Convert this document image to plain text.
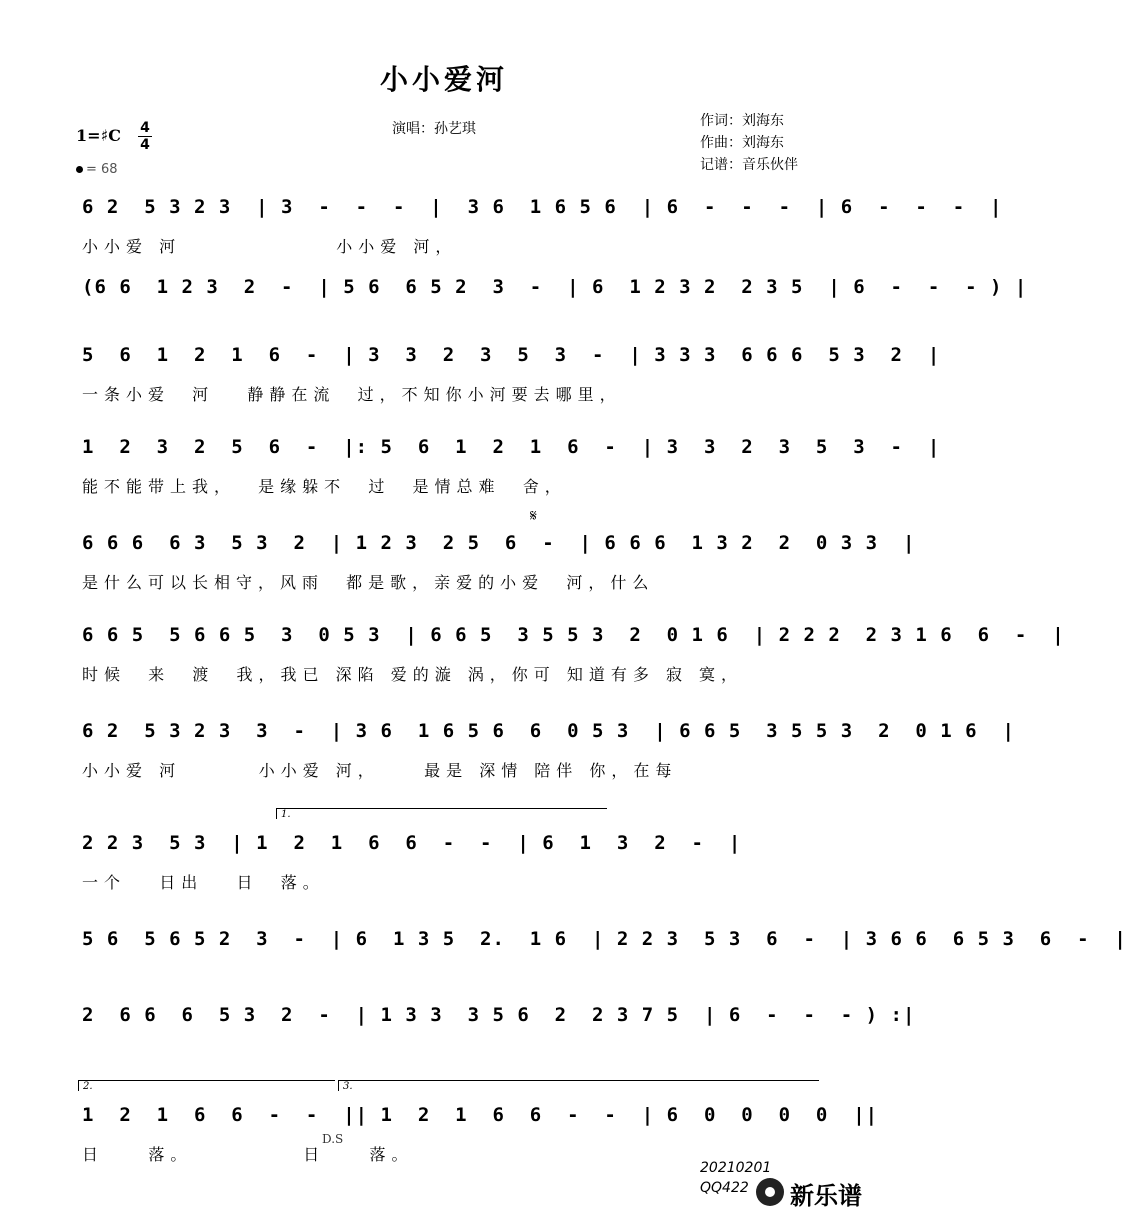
小小爱河
演唱：孙艺琪	作词：刘海东
作曲：刘海东
记谱：音乐伙伴
1=♯C 4
4
= 68
6 2  5 3 2 3  | 3  -  -  -  |  3 6  1 6 5 6  | 6  -  -  -  | 6  -  -  -  |
小小爱 河              小小爱 河，
(6 6  1 2 3  2  -  | 5 6  6 5 2  3  -  | 6  1 2 3 2  2 3 5  | 6  -  -  - ) |
5  6  1  2  1  6  -  | 3  3  2  3  5  3  -  | 3 3 3  6 6 6  5 3  2  |
一条小爱  河   静静在流  过，不知你小河要去哪里，
1  2  3  2  5  6  -  |: 5  6  1  2  1  6  -  | 3  3  2  3  5  3  -  |
能不能带上我，  是缘躲不  过  是情总难  舍，
𝄋
6 6 6  6 3  5 3  2  | 1 2 3  2 5  6  -  | 6 6 6  1 3 2  2  0 3 3  |
是什么可以长相守，风雨  都是歌，亲爱的小爱  河，什么
6 6 5  5 6 6 5  3  0 5 3  | 6 6 5  3 5 5 3  2  0 1 6  | 2 2 2  2 3 1 6  6  -  |
时候  来  渡  我，我已 深陷 爱的漩 涡，你可 知道有多 寂 寞，
6 2  5 3 2 3  3  -  | 3 6  1 6 5 6  6  0 5 3  | 6 6 5  3 5 5 3  2  0 1 6  |
小小爱 河       小小爱 河，    最是 深情 陪伴 你，在每
1.
2 2 3  5 3  | 1  2  1  6  6  -  -  | 6  1  3  2  -  |
一个   日出   日  落。
5 6  5 6 5 2  3  -  | 6  1 3 5  2.  1 6  | 2 2 3  5 3  6  -  | 3 6 6  6 5 3  6  -  |
2  6 6  6  5 3  2  -  | 1 3 3  3 5 6  2  2 3 7 5  | 6  -  -  - ) :|
2.	3.
1  2  1  6  6  -  -  || 1  2  1  6  6  -  -  | 6  0  0  0  0  ||
日    落。          日    落。
D.S
20210201
QQ422 新乐谱
